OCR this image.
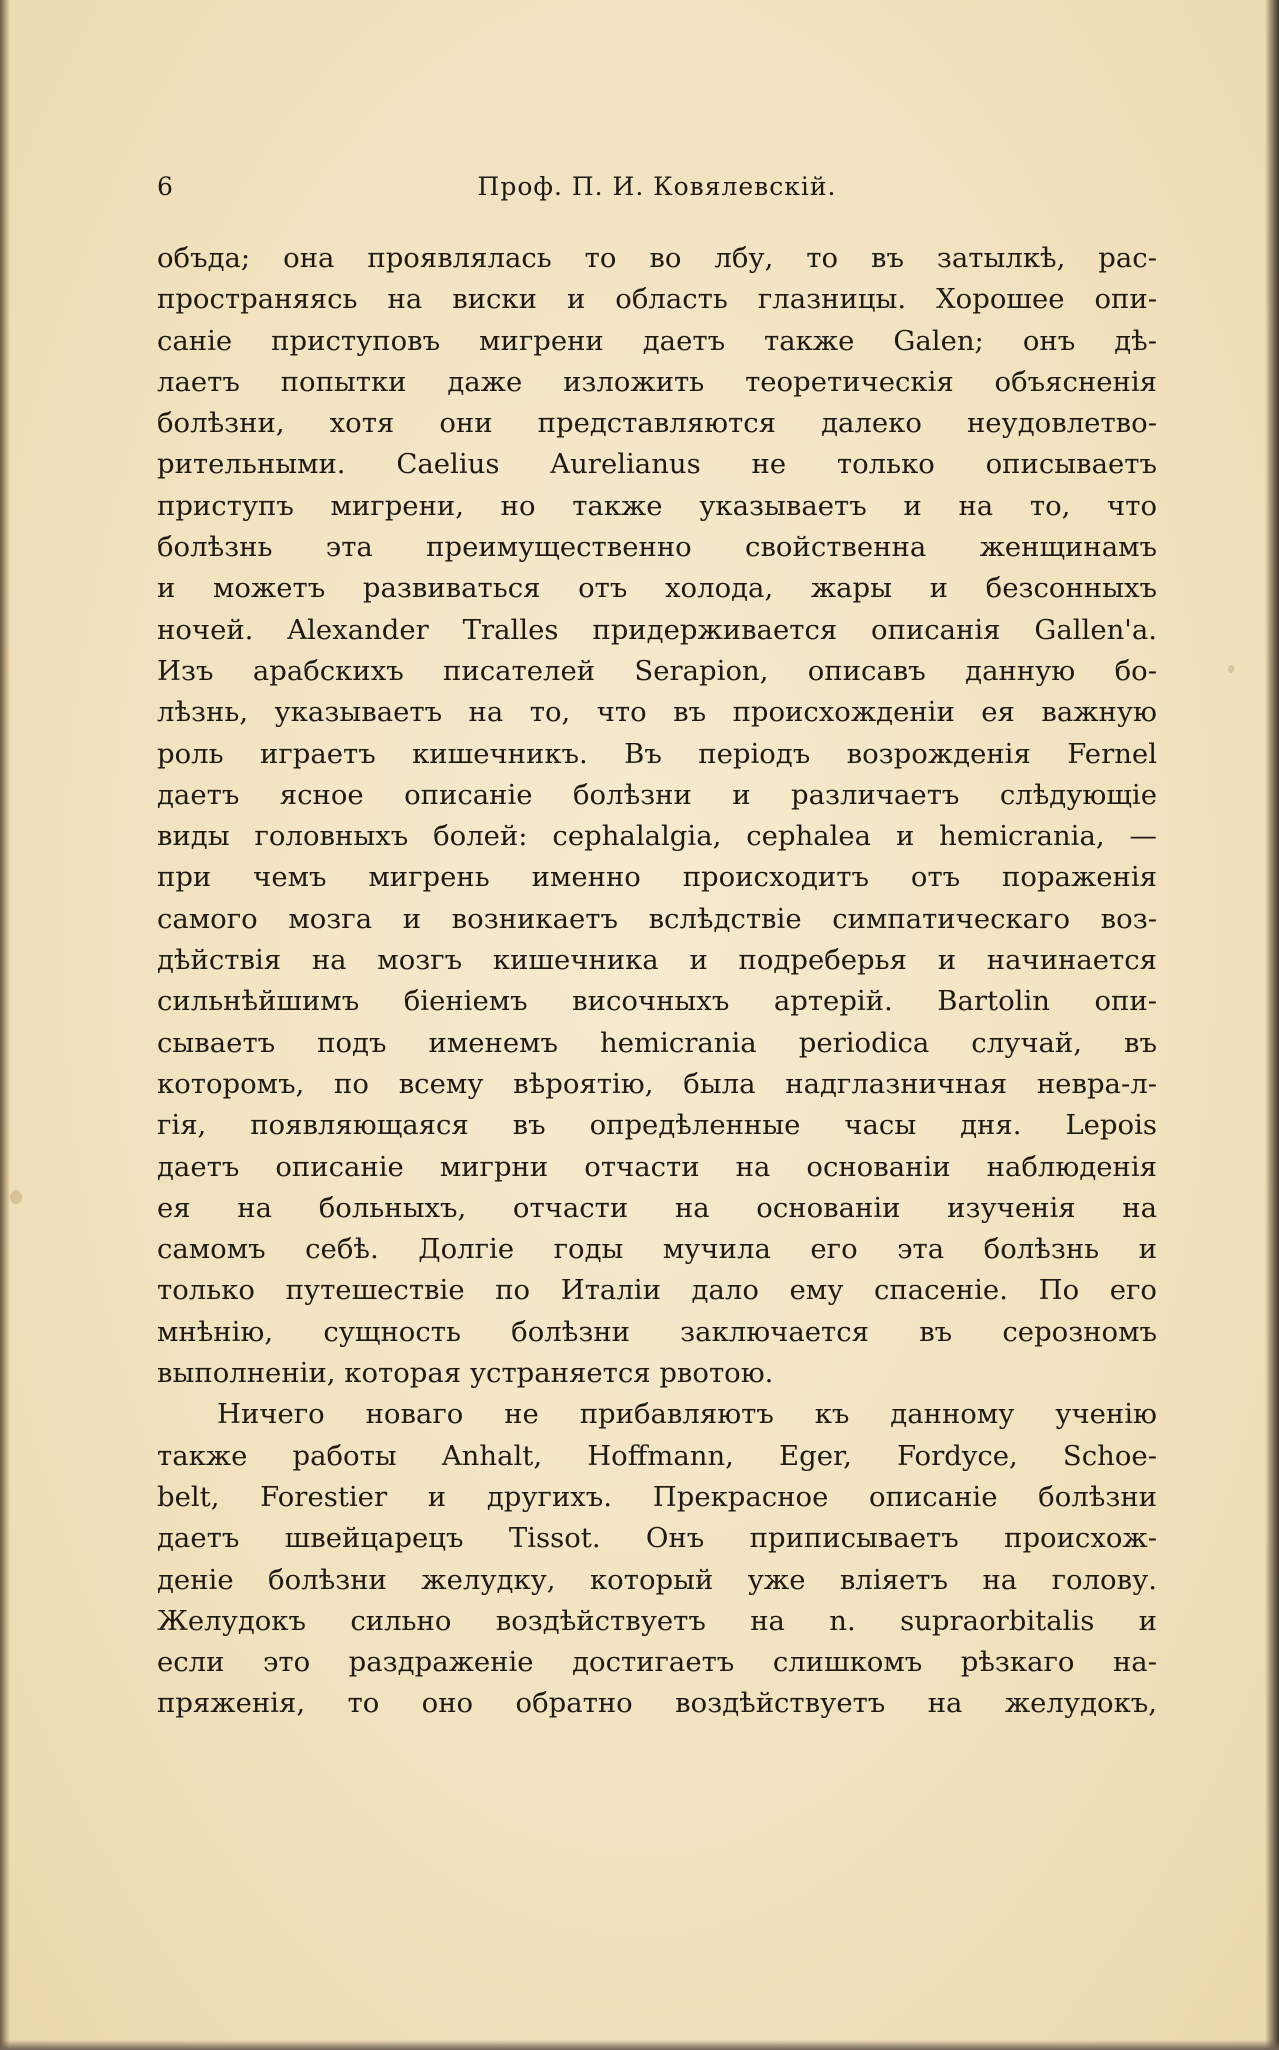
6	Проф. П. И. Ковялевскiй.

объда; она проявлялась то во лбу, то въ затылкѣ, рас-

пространяясь на виски и область глазницы. Хорошее опи-

санiе приступовъ мигрени даетъ также Galen; онъ дѣ-

лаетъ попытки даже изложить теоретическiя объясненiя

болѣзни, хотя они представляются далеко неудовлетво-

рительными. Caelius Aurelianus не только описываетъ

приступъ мигрени, но также указываетъ и на то, что

болѣзнь эта преимущественно свойственна женщинамъ

и можетъ развиваться отъ холода, жары и безсонныхъ

ночей. Alexander Tralles придерживается описанiя Gallen'а.

Изъ арабскихъ писателей Serapion, описавъ данную бо-

лѣзнь, указываетъ на то, что въ происхожденiи ея важную

роль играетъ кишечникъ. Въ перiодъ возрожденiя Fernel

даетъ ясное описанiе болѣзни и различаетъ слѣдующiе

виды головныхъ болей: cephalalgia, cephalea и hemicrania, —

при чемъ мигрень именно происходитъ отъ пораженiя

самого мозга и возникаетъ вслѣдствiе симпатическаго воз-

дѣйствiя на мозгъ кишечника и подреберья и начинается

сильнѣйшимъ бiенiемъ височныхъ артерiй. Bartolin опи-

сываетъ подъ именемъ hemicrania periodica случай, въ

которомъ, по всему вѣроятiю, была надглазничная невра-л-

гiя, появляющаяся въ опредѣленные часы дня. Lepois

даетъ описанiе мигрни отчасти на основанiи наблюденiя

ея на больныхъ, отчасти на основанiи изученiя на

самомъ себѣ. Долгiе годы мучила его эта болѣзнь и

только путешествiе по Италiи дало ему спасенiе. По его

мнѣнiю, сущность болѣзни заключается въ серозномъ

выполненiи, которая устраняется рвотою.

Ничего новаго не прибавляютъ къ данному ученiю

также работы Anhalt, Hoffmann, Eger, Fordyce, Schoe-

belt, Forestier и другихъ. Прекрасное описанiе болѣзни

даетъ швейцарецъ Tissot. Онъ приписываетъ происхож-

денiе болѣзни желудку, который уже влiяетъ на голову.

Желудокъ сильно воздѣйствуетъ на n. supraorbitalis и

если это раздраженiе достигаетъ слишкомъ рѣзкаго на-

пряженiя, то оно обратно воздѣйствуетъ на желудокъ,
